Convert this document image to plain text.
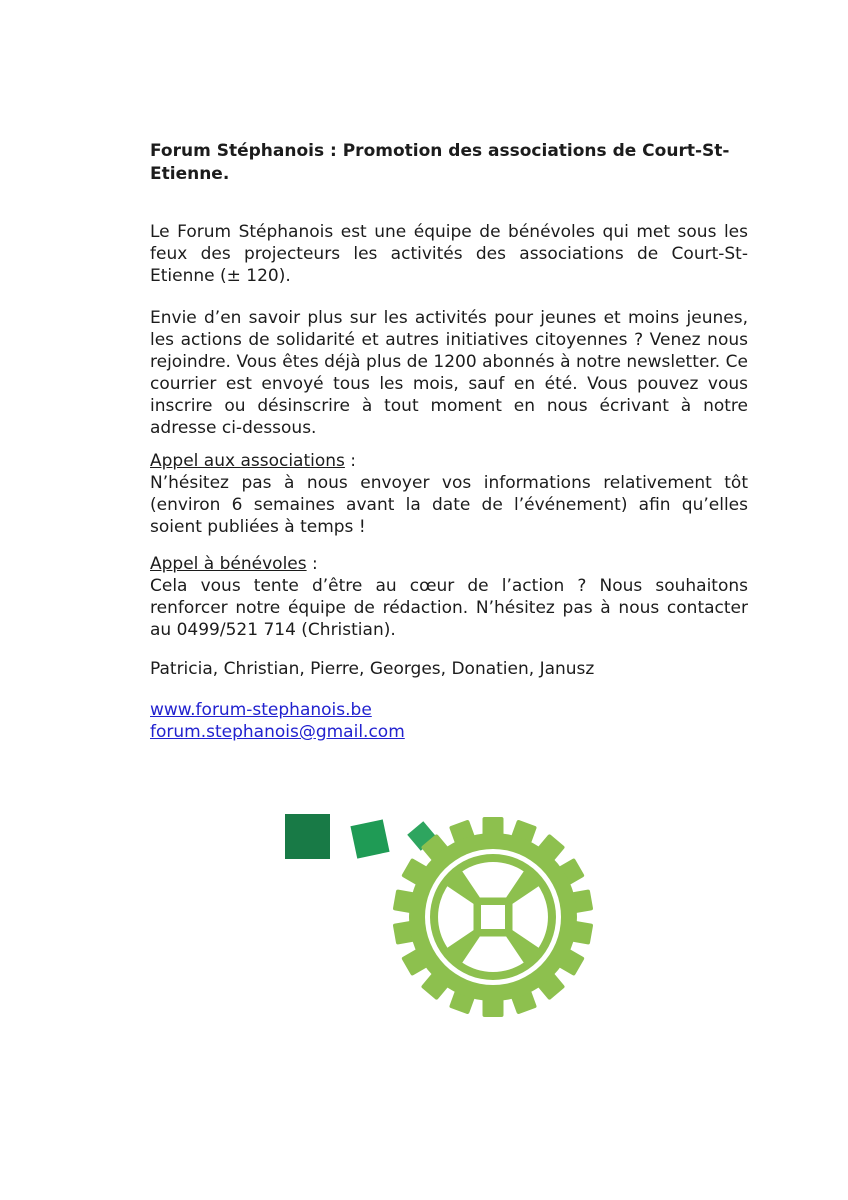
Forum Stéphanois : Promotion des associations de Court-St-Etienne.

Le Forum Stéphanois est une équipe de bénévoles qui met sous les feux des projecteurs les activités des associations de Court-St-Etienne (± 120).

Envie d’en savoir plus sur les activités pour jeunes et moins jeunes, les actions de solidarité et autres initiatives citoyennes ? Venez nous rejoindre. Vous êtes déjà plus de 1200 abonnés à notre newsletter. Ce courrier est envoyé tous les mois, sauf en été. Vous pouvez vous inscrire ou désinscrire à tout moment en nous écrivant à notre adresse ci-dessous.

Appel aux associations :

N’hésitez pas à nous envoyer vos informations relativement tôt (environ 6 semaines avant la date de l’événement) afin qu’elles soient publiées à temps !

Appel à bénévoles :

Cela vous tente d’être au cœur de l’action ? Nous souhaitons renforcer notre équipe de rédaction. N’hésitez pas à nous contacter au 0499/521 714 (Christian).

Patricia, Christian, Pierre, Georges, Donatien, Janusz
www.forum-stephanois.be
forum.stephanois@gmail.com
